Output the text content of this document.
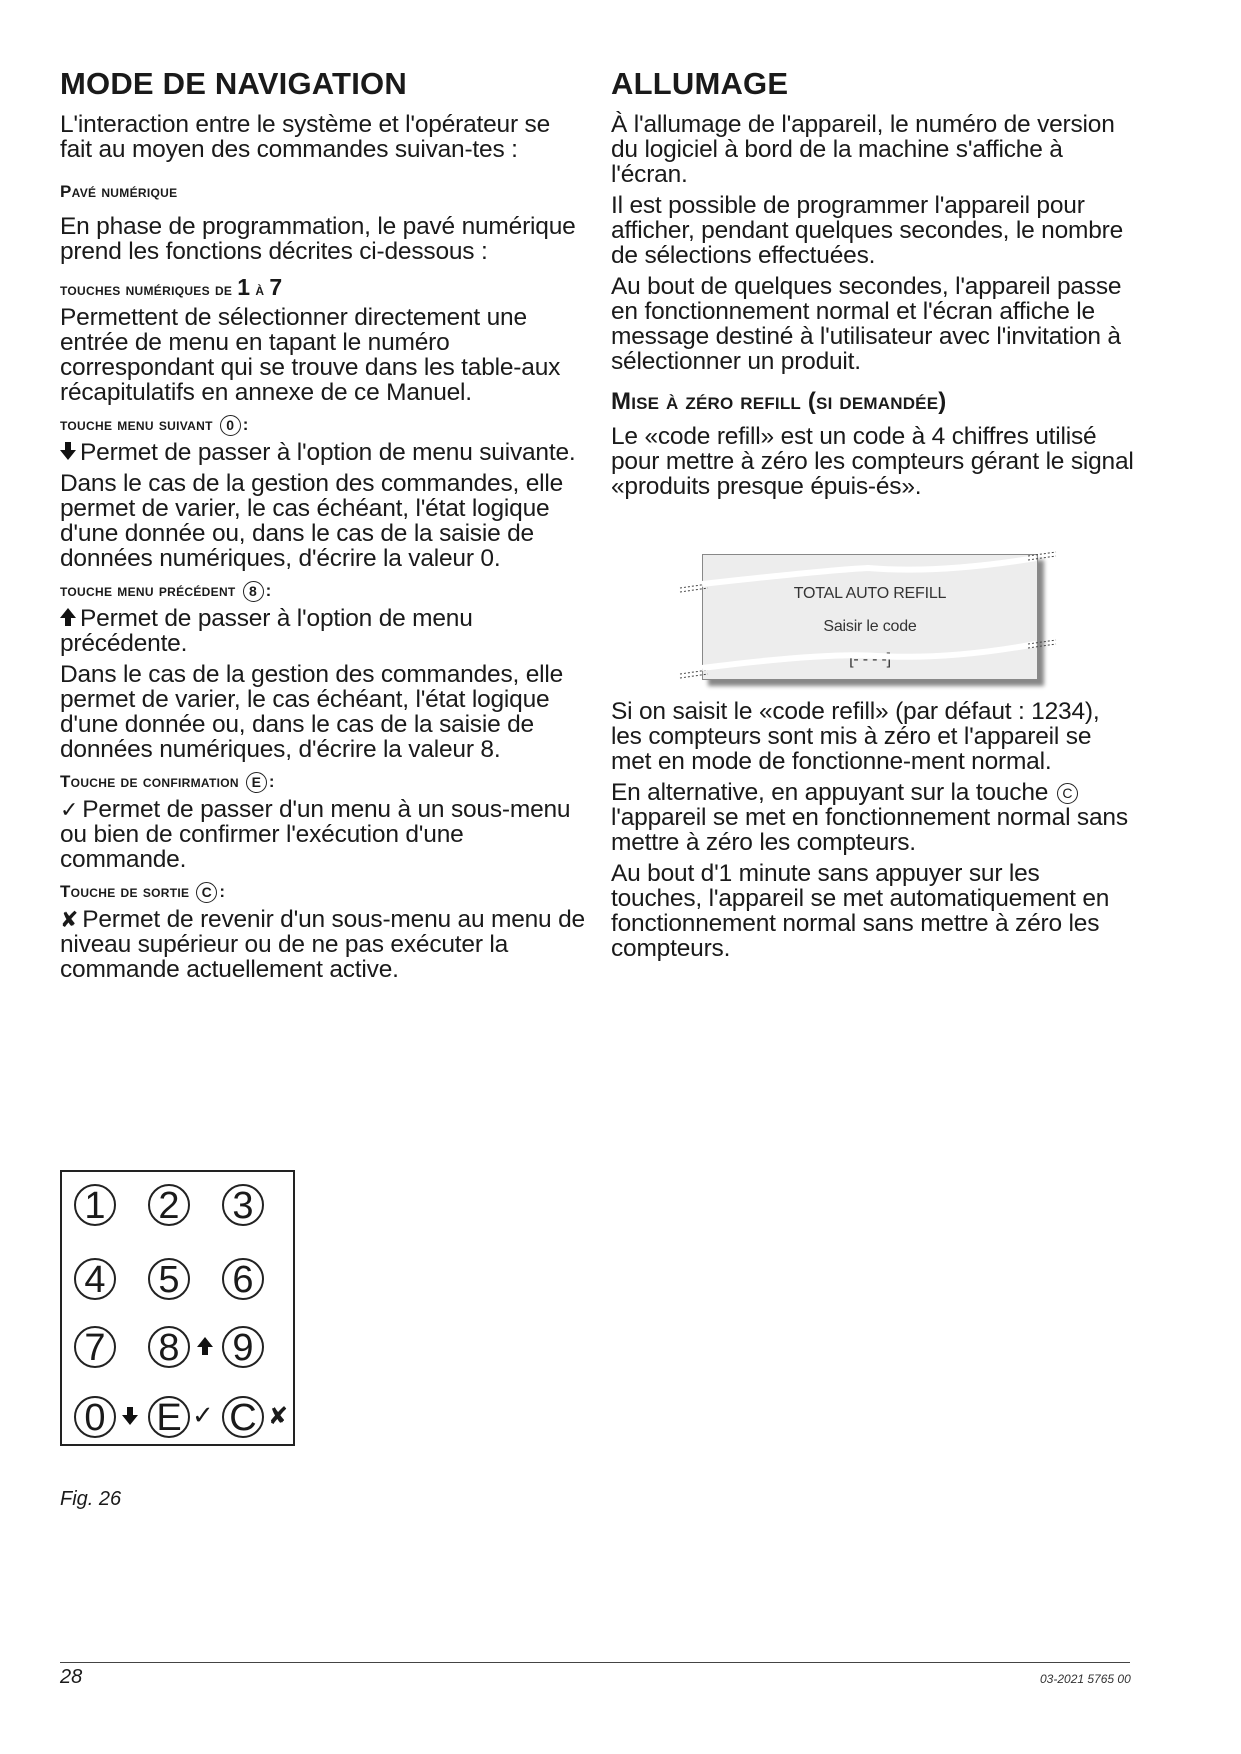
MODE DE NAVIGATION

L'interaction entre le système et l'opérateur se fait au moyen des commandes suivan-tes :

Pavé numérique

En phase de programmation, le pavé numérique prend les fonctions décrites ci-dessous :

touches numériques de 1 à 7

Permettent de sélectionner directement une entrée de menu en tapant le numéro correspondant qui se trouve dans les table-aux récapitulatifs en annexe de ce Manuel.

touche menu suivant 0 :

Permet de passer à l'option de menu suivante.

Dans le cas de la gestion des commandes, elle permet de varier, le cas échéant, l'état logique d'une donnée ou, dans le cas de la saisie de données numériques, d'écrire la valeur 0.

touche menu précédent 8 :

Permet de passer à l'option de menu précédente.

Dans le cas de la gestion des commandes, elle permet de varier, le cas échéant, l'état logique d'une donnée ou, dans le cas de la saisie de données numériques, d'écrire la valeur 8.

Touche de confirmation E :

✓ Permet de passer d'un menu à un sous-menu ou bien de confirmer l'exécution d'une commande.

Touche de sortie C :

✘ Permet de revenir d'un sous-menu au menu de niveau supérieur ou de ne pas exécuter la commande actuellement active.

1 2 3
4 5 6
7 8 9
0 E ✓ C ✘
Fig. 26
ALLUMAGE

À l'allumage de l'appareil, le numéro de version du logiciel à bord de la machine s'affiche à l'écran.

Il est possible de programmer l'appareil pour afficher, pendant quelques secondes, le nombre de sélections effectuées.

Au bout de quelques secondes, l'appareil passe en fonctionnement normal et l'écran affiche le message destiné à l'utilisateur avec l'invitation à sélectionner un produit.

Mise à zéro refill (si demandée)

Le «code refill» est un code à 4 chiffres utilisé pour mettre à zéro les compteurs gérant le signal «produits presque épuis-és».

Si on saisit le «code refill» (par défaut : 1234), les compteurs sont mis à zéro et l'appareil se met en mode de fonctionne-ment normal.

En alternative, en appuyant sur la touche C l'appareil se met en fonctionnement normal sans mettre à zéro les compteurs.

Au bout d'1 minute sans appuyer sur les touches, l'appareil se met automatiquement en fonctionnement normal sans mettre à zéro les compteurs.

TOTAL AUTO REFILL

Saisir le code

[- - - -]

28	03-2021 5765 00
